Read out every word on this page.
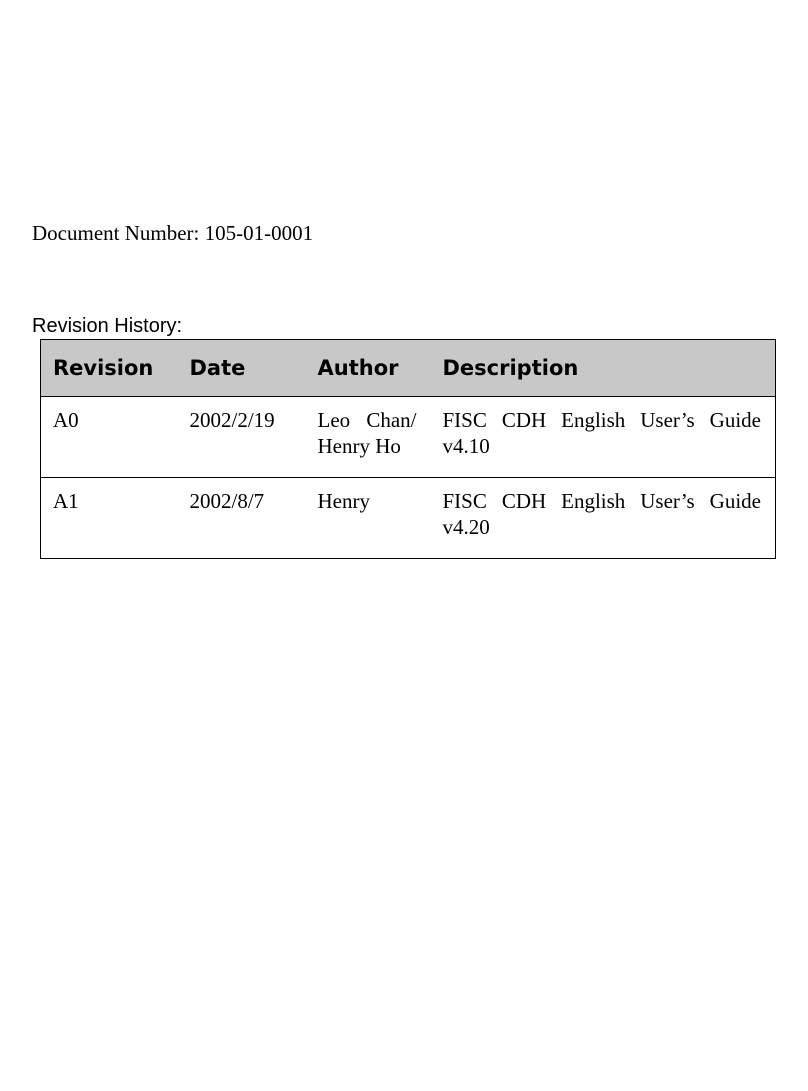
Document Number: 105-01-0001
Revision History:
Revision	Date	Author	Description
A0	2002/2/19	Leo Chan/ Henry Ho	FISC CDH English User’s Guide v4.10
A1	2002/8/7	Henry	FISC CDH English User’s Guide v4.20
